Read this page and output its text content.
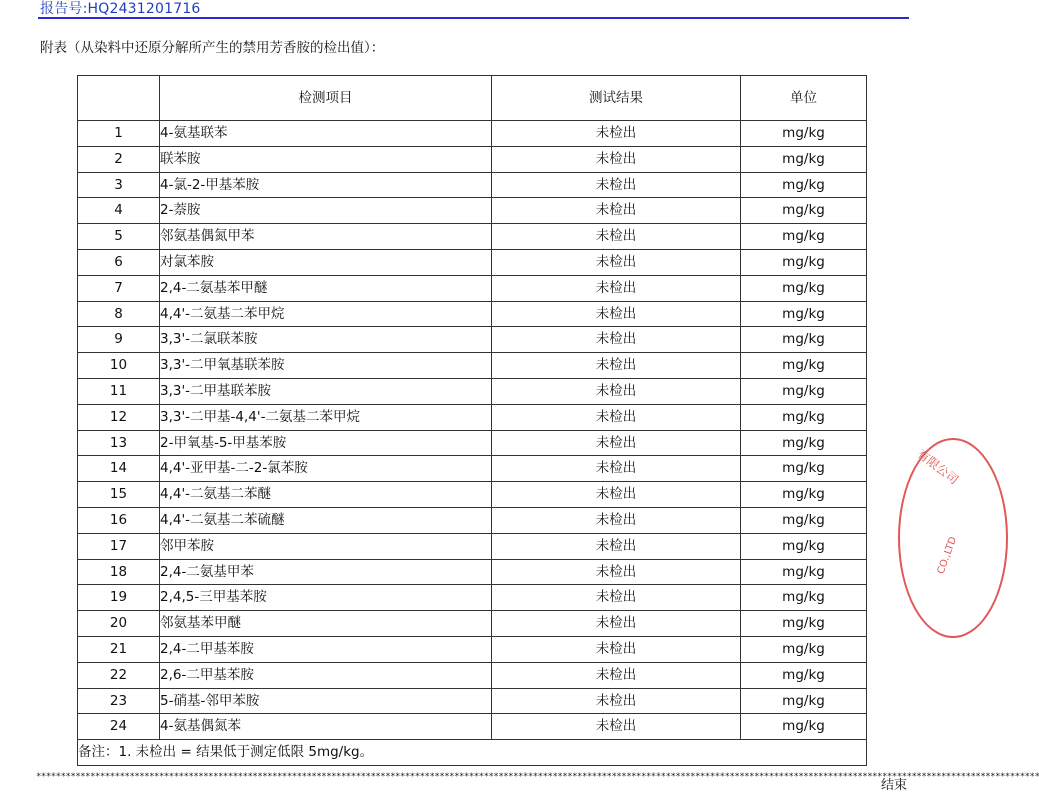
报告号:HQ2431201716
附表（从染料中还原分解所产生的禁用芳香胺的检出值）：
	检测项目	测试结果	单位
1	4-氨基联苯	未检出	mg/kg
2	联苯胺	未检出	mg/kg
3	4-氯-2-甲基苯胺	未检出	mg/kg
4	2-萘胺	未检出	mg/kg
5	邻氨基偶氮甲苯	未检出	mg/kg
6	对氯苯胺	未检出	mg/kg
7	2,4-二氨基苯甲醚	未检出	mg/kg
8	4,4'-二氨基二苯甲烷	未检出	mg/kg
9	3,3'-二氯联苯胺	未检出	mg/kg
10	3,3'-二甲氧基联苯胺	未检出	mg/kg
11	3,3'-二甲基联苯胺	未检出	mg/kg
12	3,3'-二甲基-4,4'-二氨基二苯甲烷	未检出	mg/kg
13	2-甲氧基-5-甲基苯胺	未检出	mg/kg
14	4,4'-亚甲基-二-2-氯苯胺	未检出	mg/kg
15	4,4'-二氨基二苯醚	未检出	mg/kg
16	4,4'-二氨基二苯硫醚	未检出	mg/kg
17	邻甲苯胺	未检出	mg/kg
18	2,4-二氨基甲苯	未检出	mg/kg
19	2,4,5-三甲基苯胺	未检出	mg/kg
20	邻氨基苯甲醚	未检出	mg/kg
21	2,4-二甲基苯胺	未检出	mg/kg
22	2,6-二甲基苯胺	未检出	mg/kg
23	5-硝基-邻甲苯胺	未检出	mg/kg
24	4-氨基偶氮苯	未检出	mg/kg
备注：1. 未检出 = 结果低于测定低限 5mg/kg。			
************************************************************************************************************************************************************************************************************
结束
有限公司
CO.,LTD
